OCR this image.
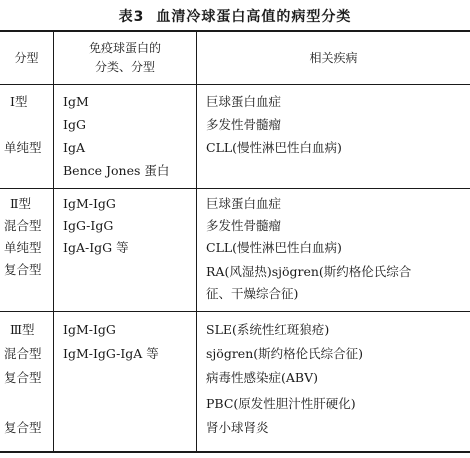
表3 血清冷球蛋白高值的病型分类
分型
免疫球蛋白的
分类、分型
相关疾病
Ⅰ型
单纯型
IgM
IgG
IgA
Bence Jones 蛋白
巨球蛋白血症
多发性骨髓瘤
CLL(慢性淋巴性白血病)
Ⅱ型
混合型
单纯型
复合型
IgM-IgG
IgG-IgG
IgA-IgG 等
巨球蛋白血症
多发性骨髓瘤
CLL(慢性淋巴性白血病)
RA(风湿热)sjögren(斯约格伦氏综合
征、干燥综合征)
Ⅲ型
混合型
复合型
复合型
IgM-IgG
IgM-IgG-IgA 等
SLE(系统性红斑狼疮)
sjögren(斯约格伦氏综合征)
病毒性感染症(ABV)
PBC(原发性胆汁性肝硬化)
肾小球肾炎
